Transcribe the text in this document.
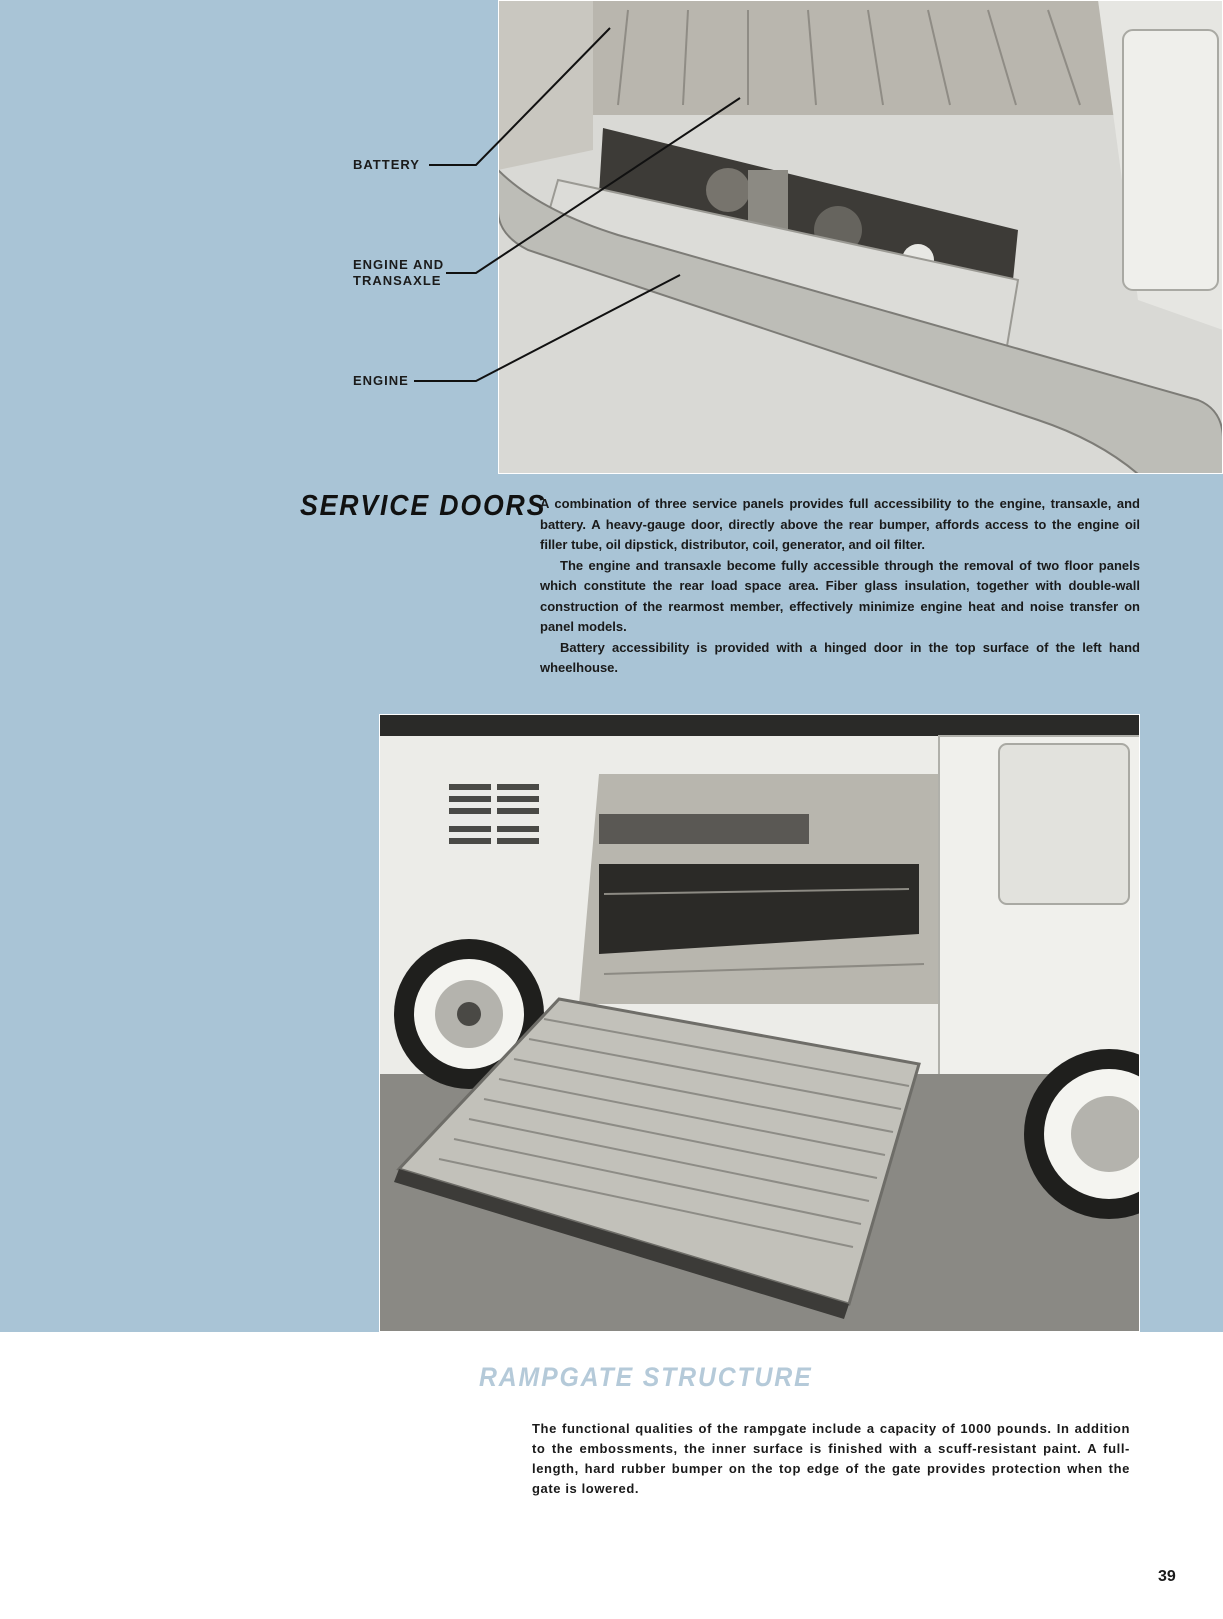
BATTERY
ENGINE AND
TRANSAXLE
ENGINE
SERVICE DOORS

A combination of three service panels provides full accessibility to the engine, transaxle, and battery. A heavy-gauge door, directly above the rear bumper, affords access to the engine oil filler tube, oil dipstick, distributor, coil, generator, and oil filter.

The engine and transaxle become fully accessible through the removal of two floor panels which constitute the rear load space area. Fiber glass insulation, together with double-wall construction of the rearmost member, effectively minimize engine heat and noise transfer on panel models.

Battery accessibility is provided with a hinged door in the top surface of the left hand wheelhouse.

RAMPGATE STRUCTURE
The functional qualities of the rampgate include a capacity of 1000 pounds. In addition to the embossments, the inner surface is finished with a scuff-resistant paint. A full-length, hard rubber bumper on the top edge of the gate provides protection when the gate is lowered.
39
